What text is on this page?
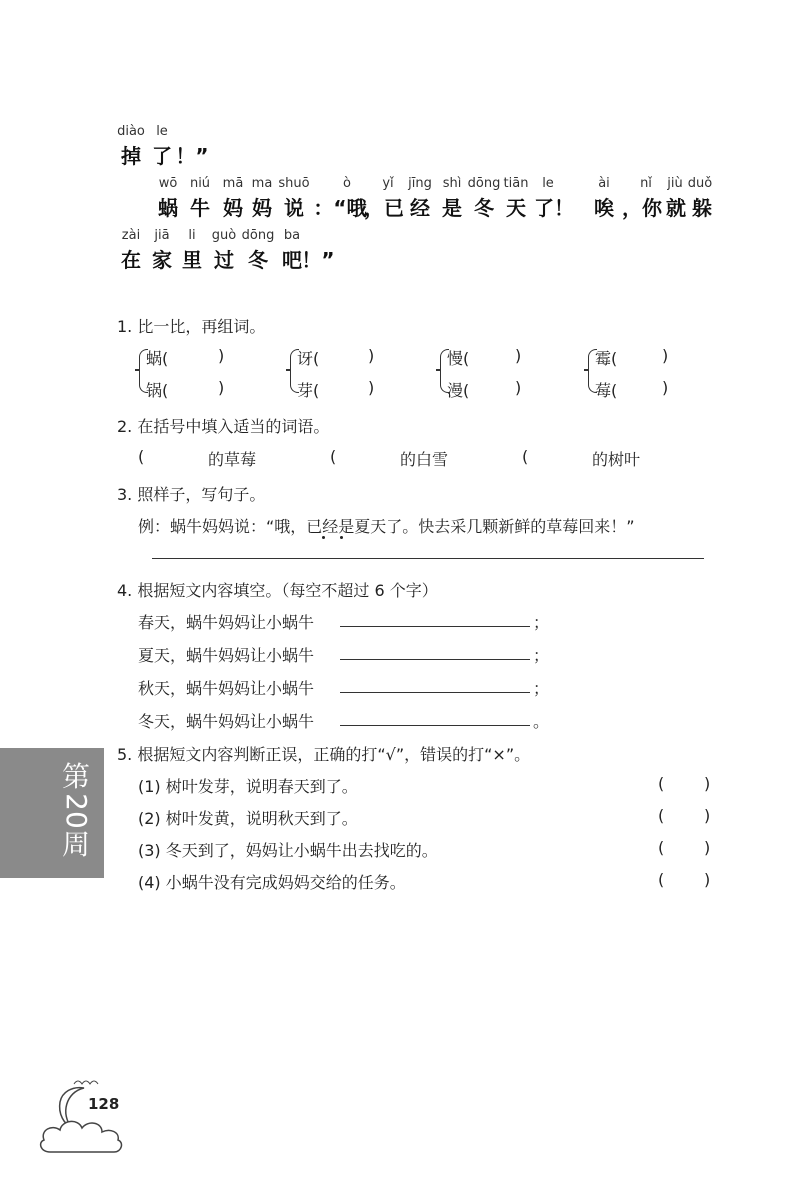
diào le
掉 了 ！”
wō niú mā ma shuō	ò yǐ jīng shì dōng tiān le	ài nǐ jiù duǒ
蜗 牛 妈 妈 说 ：“哦
，已 经 是 冬 天 了！ 唉 ，你 就 躲
zài jiā li guò dōng ba
在 家 里 过 冬 吧 ！”
1. 比一比，再组词。
蜗(	)
锅(	)
讶(	)
芽(	)
慢(	)
漫(	)
霉(	)
莓(	)
2. 在括号中填入适当的词语。
(	的草莓	(	的白雪	(	的树叶
3. 照样子，写句子。
例：蜗牛妈妈说：“哦，已经是夏天了。快去采几颗新鲜的草莓回来！”
4. 根据短文内容填空。（每空不超过 6 个字）
春天，蜗牛妈妈让小蜗牛	；
夏天，蜗牛妈妈让小蜗牛	；
秋天，蜗牛妈妈让小蜗牛	；
冬天，蜗牛妈妈让小蜗牛	。
5. 根据短文内容判断正误，正确的打“√”，错误的打“×”。
(1) 树叶发芽，说明春天到了。	( )
(2) 树叶发黄，说明秋天到了。	( )
(3) 冬天到了，妈妈让小蜗牛出去找吃的。	( )
(4) 小蜗牛没有完成妈妈交给的任务。	( )
第
20
周
128
